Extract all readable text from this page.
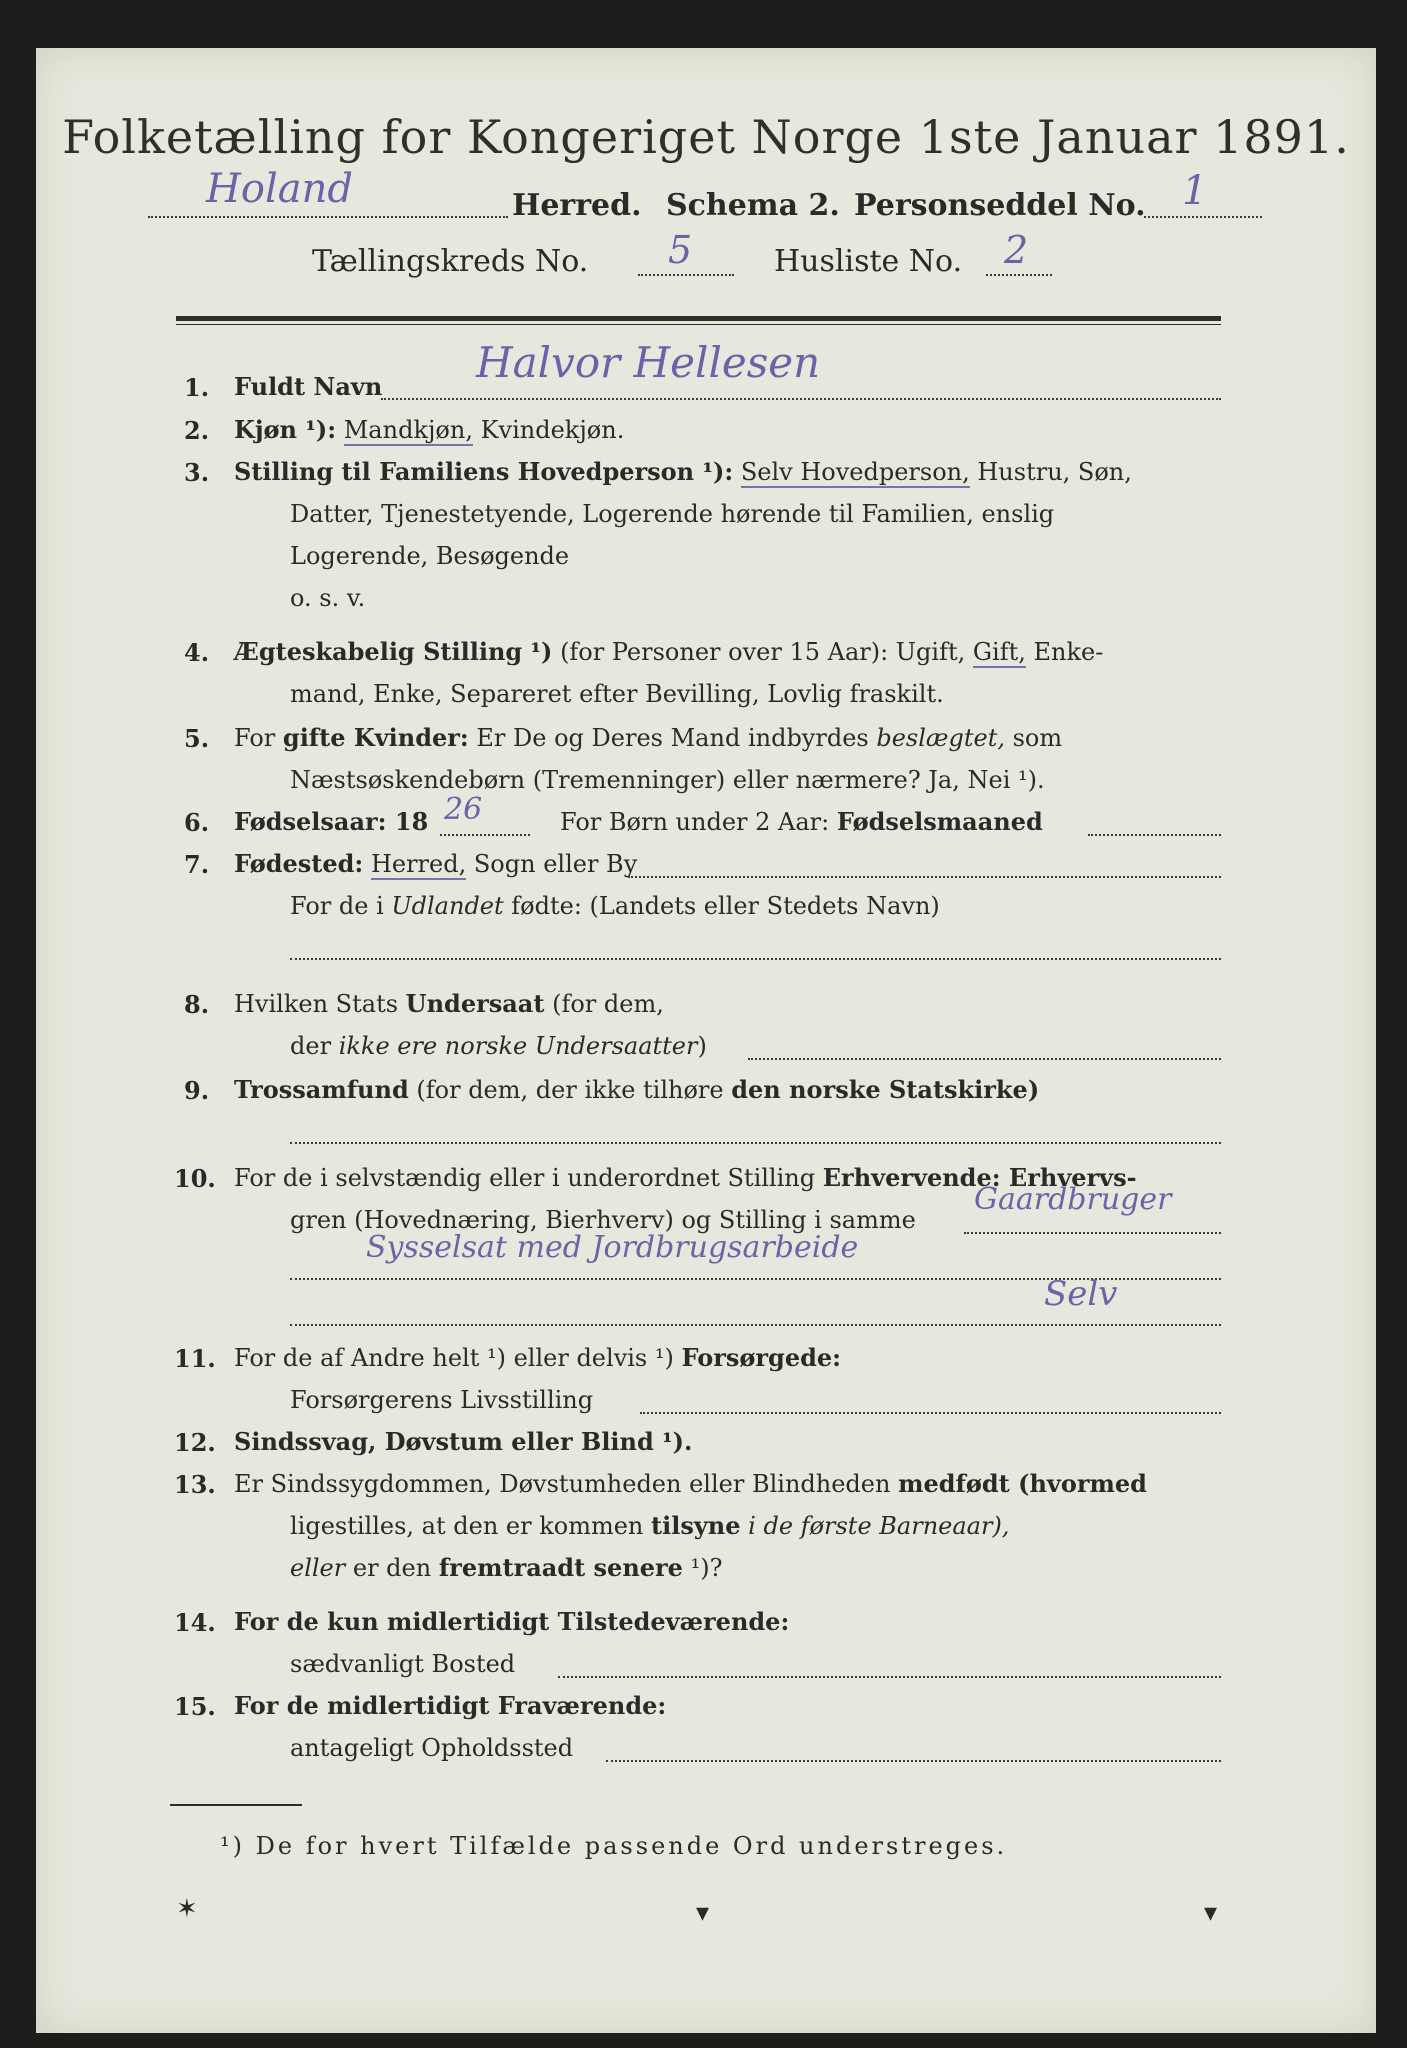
Folketælling for Kongeriget Norge 1ste Januar 1891.
Holand	Herred. Schema 2. Personseddel No. 1
Tællingskreds No. 5	Husliste No. 2
1. Fuldt Navn Halvor Hellesen
2. Kjøn ¹): Mandkjøn, Kvindekjøn.
3. Stilling til Familiens Hovedperson ¹): Selv Hovedperson, Hustru, Søn,
Datter, Tjenestetyende, Logerende hørende til Familien, enslig
Logerende, Besøgende
o. s. v.
4. Ægteskabelig Stilling ¹) (for Personer over 15 Aar): Ugift, Gift, Enke-
mand, Enke, Separeret efter Bevilling, Lovlig fraskilt.
5. For gifte Kvinder: Er De og Deres Mand indbyrdes beslægtet, som
Næstsøskendebørn (Tremenninger) eller nærmere? Ja, Nei ¹).
6. Fødselsaar: 18 26	For Børn under 2 Aar: Fødselsmaaned
7. Fødested: Herred, Sogn eller By
For de i Udlandet fødte: (Landets eller Stedets Navn)
8. Hvilken Stats Undersaat (for dem,
der ikke ere norske Undersaatter)
9. Trossamfund (for dem, der ikke tilhøre den norske Statskirke)
10. For de i selvstændig eller i underordnet Stilling Erhvervende: Erhvervs-
gren (Hovednæring, Bierhverv) og Stilling i samme
Gaardbruger
Sysselsat med Jordbrugsarbeide
Selv
11. For de af Andre helt ¹) eller delvis ¹) Forsørgede:
Forsørgerens Livsstilling
12. Sindssvag, Døvstum eller Blind ¹).
13. Er Sindssygdommen, Døvstumheden eller Blindheden medfødt (hvormed
ligestilles, at den er kommen tilsyne i de første Barneaar),
eller er den fremtraadt senere ¹)?
14. For de kun midlertidigt Tilstedeværende:
sædvanligt Bosted
15. For de midlertidigt Fraværende:
antageligt Opholdssted
¹) De for hvert Tilfælde passende Ord understreges.
✶	▾	▾
